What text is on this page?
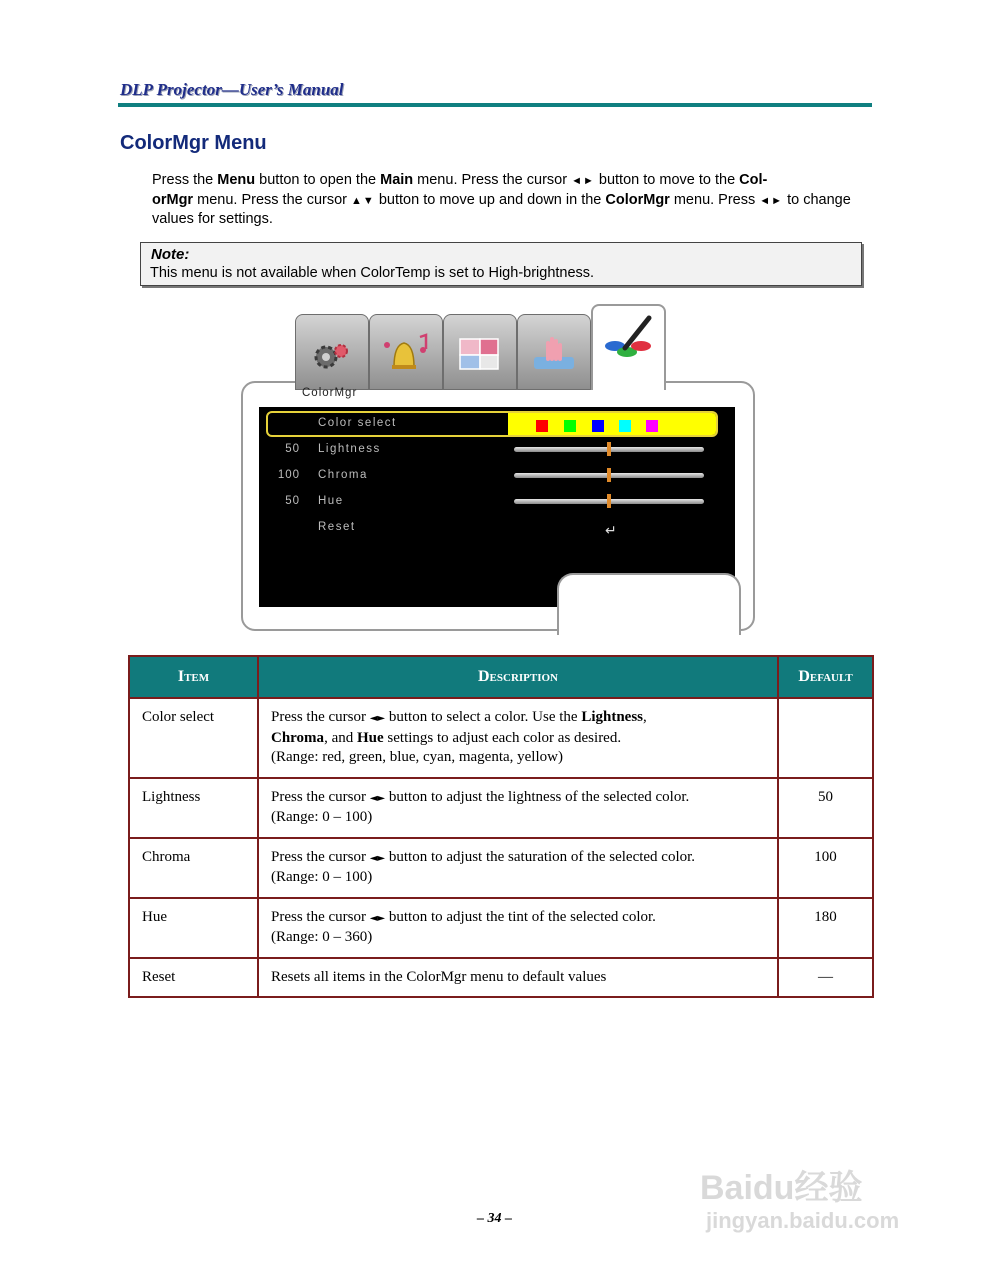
DLP Projector—User’s Manual
ColorMgr Menu
Press the Menu button to open the Main menu. Press the cursor ◄► button to move to the Col-
orMgr menu. Press the cursor ▲▼ button to move up and down in the ColorMgr menu. Press ◄► to change values for settings.
Note:
This menu is not available when ColorTemp is set to High-brightness.
ColorMgr
Color select
50 Lightness
100 Chroma
50 Hue
Reset	↵
Item	Description	Default
Color select	Press the cursor ◄► button to select a color. Use the Lightness,
Chroma, and Hue settings to adjust each color as desired.
(Range: red, green, blue, cyan, magenta, yellow)	
Lightness	Press the cursor ◄► button to adjust the lightness of the selected color.
(Range: 0 – 100)	50
Chroma	Press the cursor ◄► button to adjust the saturation of the selected color.
(Range: 0 – 100)	100
Hue	Press the cursor ◄► button to adjust the tint of the selected color.
(Range: 0 – 360)	180
Reset	Resets all items in the ColorMgr menu to default values	—
Baidu经验
jingyan.baidu.com
– 34 –
